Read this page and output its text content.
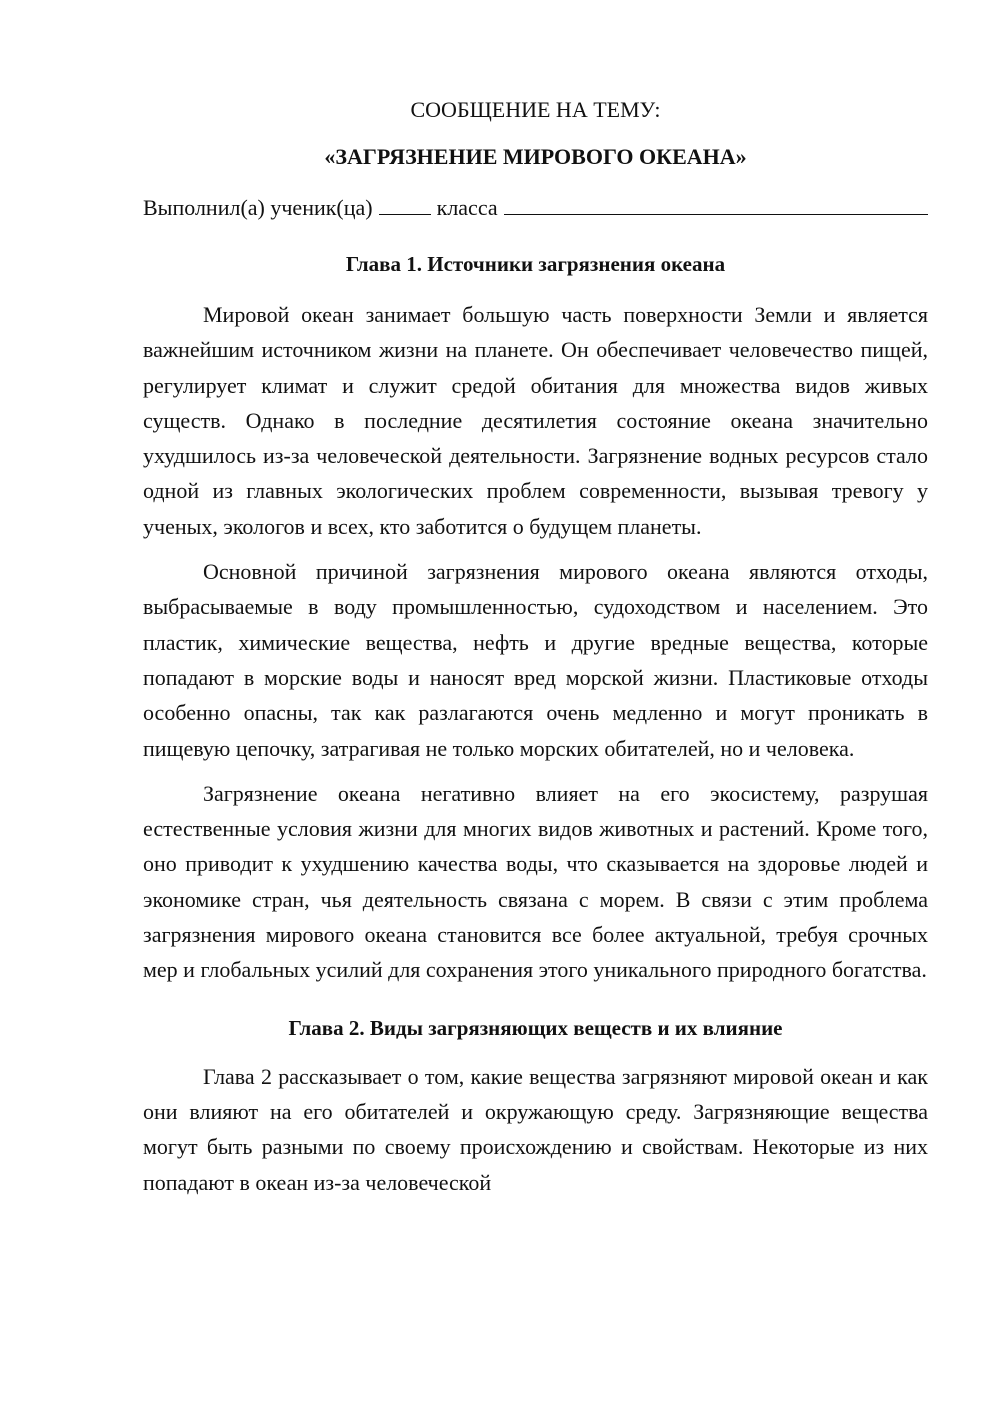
СООБЩЕНИЕ НА ТЕМУ:
«ЗАГРЯЗНЕНИЕ МИРОВОГО ОКЕАНА»
Выполнил(а) ученик(ца)	класса
Глава 1. Источники загрязнения океана

Мировой океан занимает большую часть поверхности Земли и является важнейшим источником жизни на планете. Он обеспечивает человечество пищей, регулирует климат и служит средой обитания для множества видов живых существ. Однако в последние десятилетия состояние океана значительно ухудшилось из-за человеческой деятельности. Загрязнение водных ресурсов стало одной из главных экологических проблем современности, вызывая тревогу у ученых, экологов и всех, кто заботится о будущем планеты.

Основной причиной загрязнения мирового океана являются отходы, выбрасываемые в воду промышленностью, судоходством и населением. Это пластик, химические вещества, нефть и другие вредные вещества, которые попадают в морские воды и наносят вред морской жизни. Пластиковые отходы особенно опасны, так как разлагаются очень медленно и могут проникать в пищевую цепочку, затрагивая не только морских обитателей, но и человека.

Загрязнение океана негативно влияет на его экосистему, разрушая естественные условия жизни для многих видов животных и растений. Кроме того, оно приводит к ухудшению качества воды, что сказывается на здоровье людей и экономике стран, чья деятельность связана с морем. В связи с этим проблема загрязнения мирового океана становится все более актуальной, требуя срочных мер и глобальных усилий для сохранения этого уникального природного богатства.

Глава 2. Виды загрязняющих веществ и их влияние

Глава 2 рассказывает о том, какие вещества загрязняют мировой океан и как они влияют на его обитателей и окружающую среду. Загрязняющие вещества могут быть разными по своему происхождению и свойствам. Некоторые из них попадают в океан из-за человеческой
